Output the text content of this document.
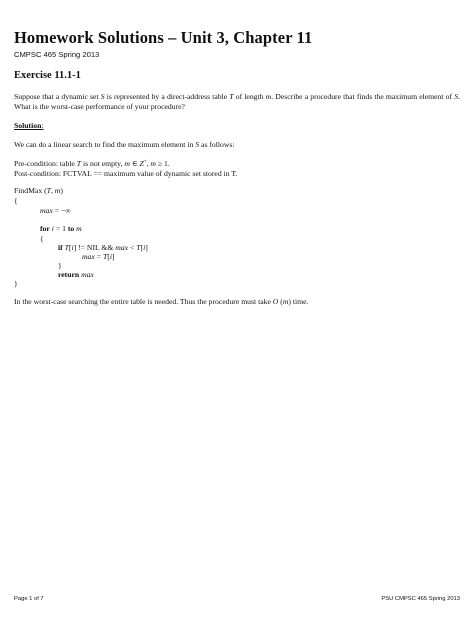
Homework Solutions – Unit 3, Chapter 11
CMPSC 465 Spring 2013
Exercise 11.1-1
Suppose that a dynamic set S is represented by a direct-address table T of length m. Describe a procedure that finds the maximum element of S. What is the worst-case performance of your procedure?
Solution:
We can do a linear search to find the maximum element in S as follows:
Pre-condition: table T is not empty, m ∈ Z+, m ≥ 1.
Post-condition: FCTVAL == maximum value of dynamic set stored in T.
FindMax (T, m)
{
max = −∞
for i = 1 to m
{
if T[i] != NIL && max < T[i]
max = T[i]
}
return max
}
In the worst-case searching the entire table is needed. Thus the procedure must take O (m) time.
Page 1 of 7	PSU CMPSC 465 Spring 2013
